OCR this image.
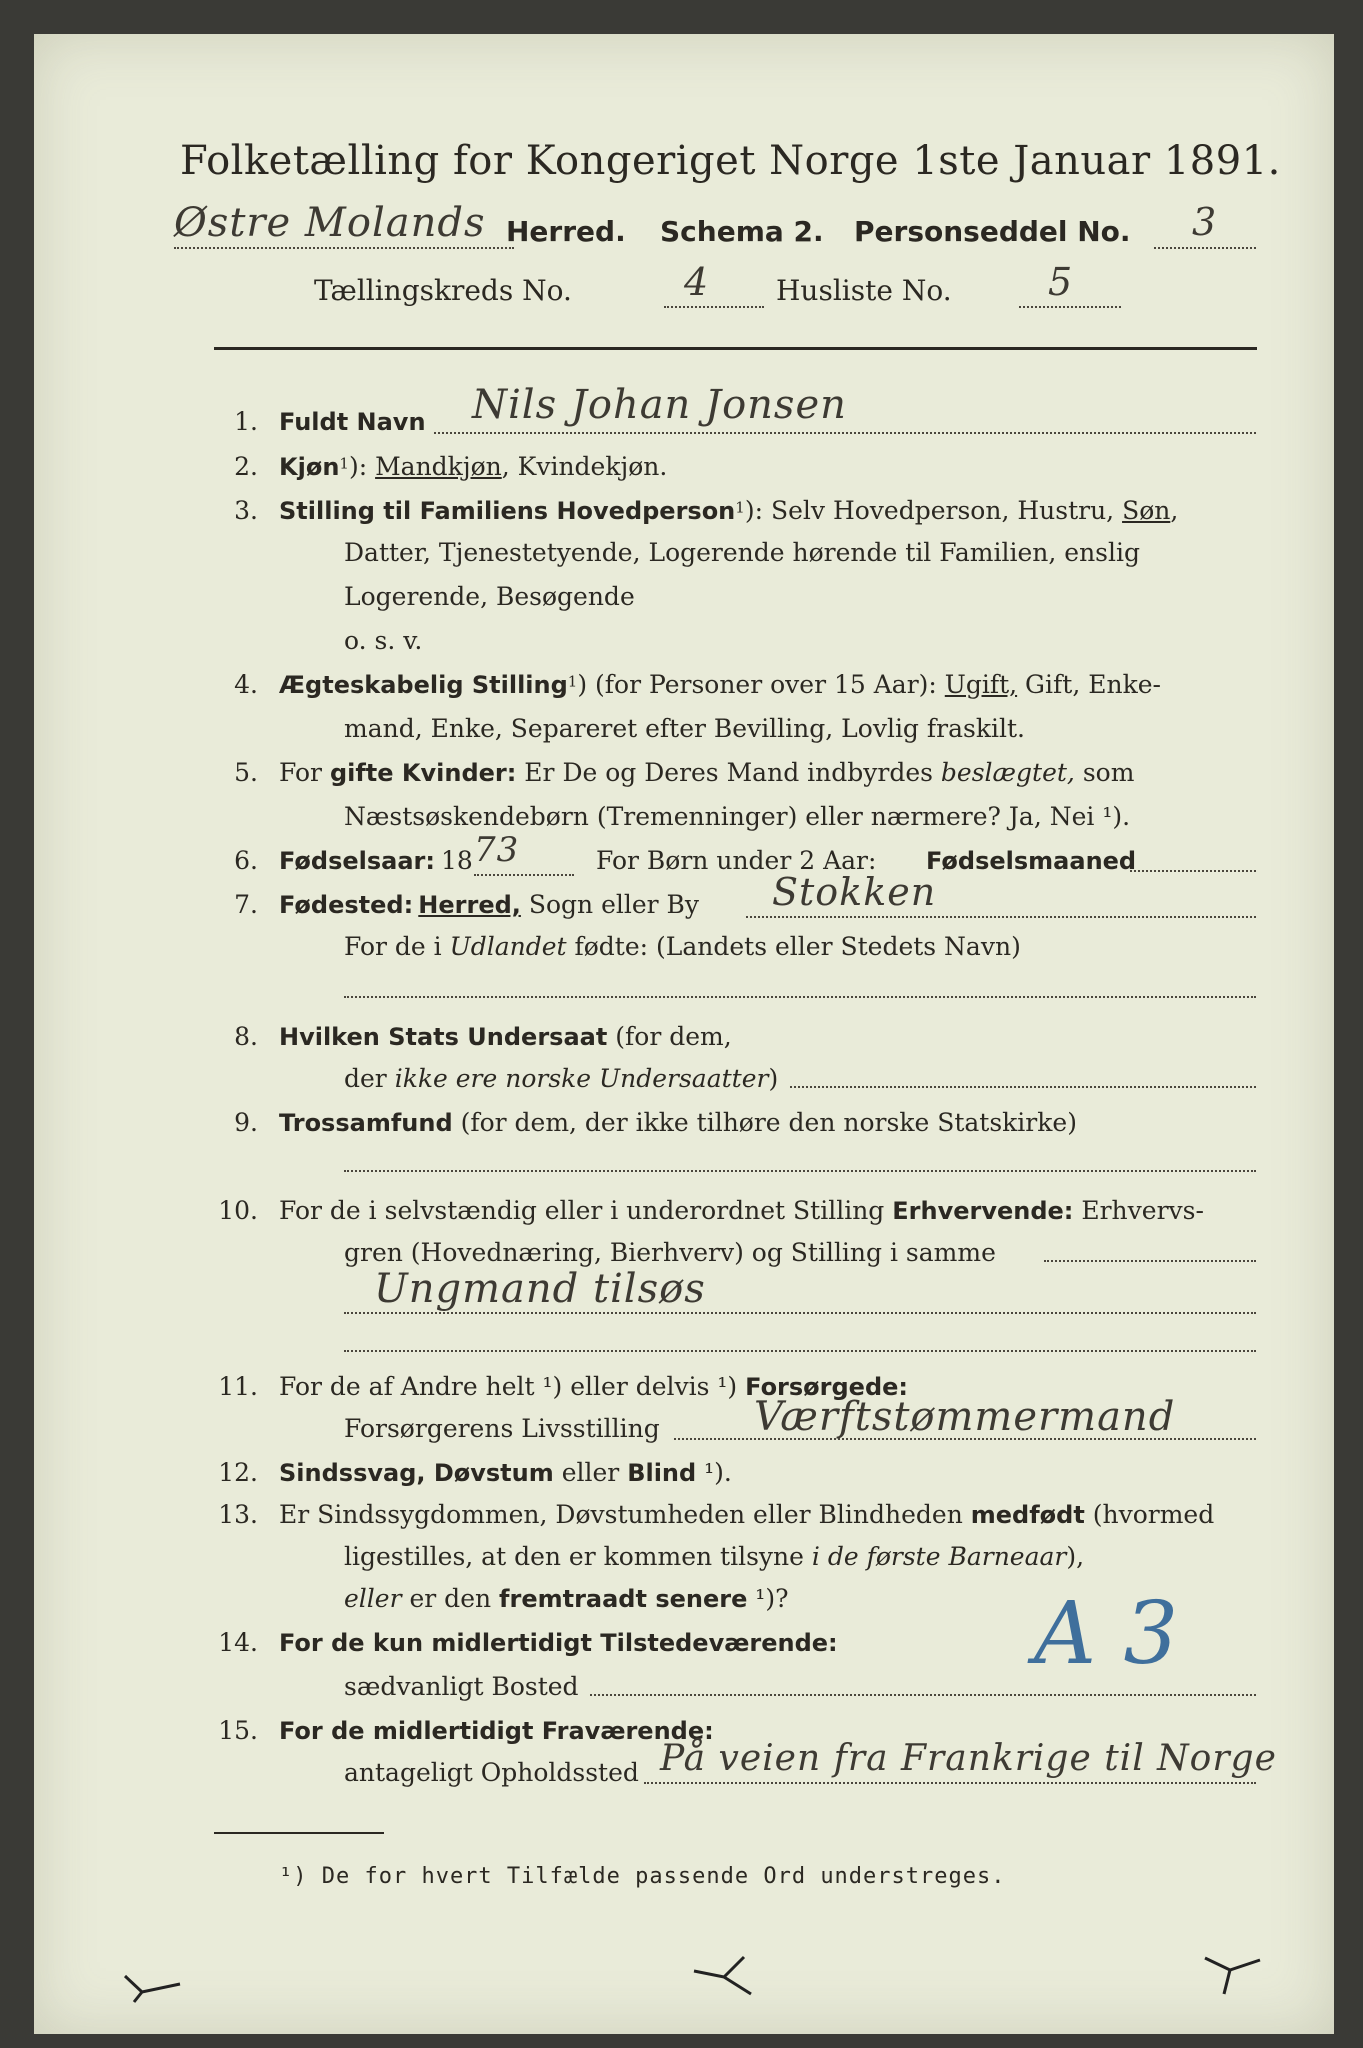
Folketælling for Kongeriget Norge 1ste Januar 1891.
Østre Molands Herred. Schema 2. Personseddel No. 3
Tællingskreds No.	4 Husliste No.	5
1. Fuldt Navn Nils Johan Jonsen
2. Kjøn$^1$): Mandkjøn, Kvindekjøn.
3. Stilling til Familiens Hovedperson$^1$): Selv Hovedperson, Hustru, Søn,
Datter, Tjenestetyende, Logerende hørende til Familien, enslig
Logerende, Besøgende
o. s. v.
4. Ægteskabelig Stilling$^1$) (for Personer over 15 Aar): Ugift, Gift, Enke-
mand, Enke, Separeret efter Bevilling, Lovlig fraskilt.
5. For gifte Kvinder: Er De og Deres Mand indbyrdes beslægtet, som
Næstsøskendebørn (Tremenninger) eller nærmere? Ja, Nei ¹).
6. Fødselsaar: 18 73	For Børn under 2 Aar: Fødselsmaaned
7. Fødested: Herred, Sogn eller By Stokken
For de i Udlandet fødte: (Landets eller Stedets Navn)
8. Hvilken Stats Undersaat (for dem,
der ikke ere norske Undersaatter)
9. Trossamfund (for dem, der ikke tilhøre den norske Statskirke)
10. For de i selvstændig eller i underordnet Stilling Erhvervende: Erhvervs-
gren (Hovednæring, Bierhverv) og Stilling i samme
Ungmand tilsøs
11. For de af Andre helt ¹) eller delvis ¹) Forsørgede:
Forsørgerens Livsstilling Værftstømmermand
12. Sindssvag, Døvstum eller Blind ¹).
13. Er Sindssygdommen, Døvstumheden eller Blindheden medfødt (hvormed
ligestilles, at den er kommen tilsyne i de første Barneaar),
eller er den fremtraadt senere ¹)?
14. For de kun midlertidigt Tilstedeværende:
sædvanligt Bosted
A 3
15. For de midlertidigt Fraværende:
antageligt Opholdssted På veien fra Frankrige til Norge
¹) De for hvert Tilfælde passende Ord understreges.
